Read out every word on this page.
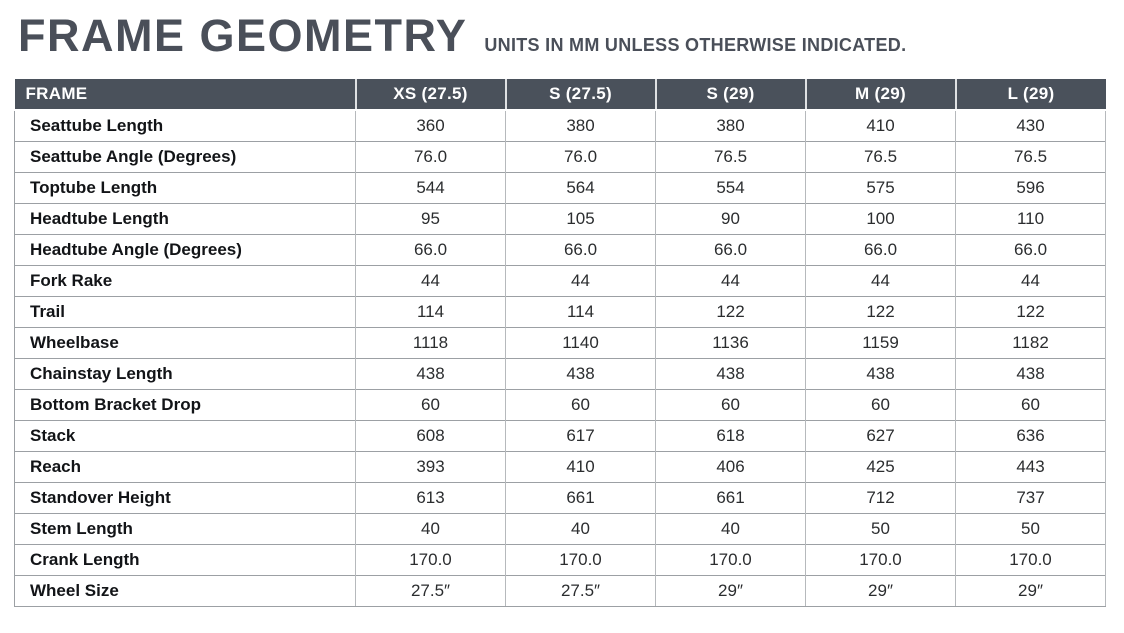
FRAME GEOMETRY UNITS IN MM UNLESS OTHERWISE INDICATED.
FRAME	XS (27.5)	S (27.5)	S (29)	M (29)	L (29)
Seattube Length	360	380	380	410	430
Seattube Angle (Degrees)	76.0	76.0	76.5	76.5	76.5
Toptube Length	544	564	554	575	596
Headtube Length	95	105	90	100	110
Headtube Angle (Degrees)	66.0	66.0	66.0	66.0	66.0
Fork Rake	44	44	44	44	44
Trail	114	114	122	122	122
Wheelbase	1118	1140	1136	1159	1182
Chainstay Length	438	438	438	438	438
Bottom Bracket Drop	60	60	60	60	60
Stack	608	617	618	627	636
Reach	393	410	406	425	443
Standover Height	613	661	661	712	737
Stem Length	40	40	40	50	50
Crank Length	170.0	170.0	170.0	170.0	170.0
Wheel Size	27.5″	27.5″	29″	29″	29″
